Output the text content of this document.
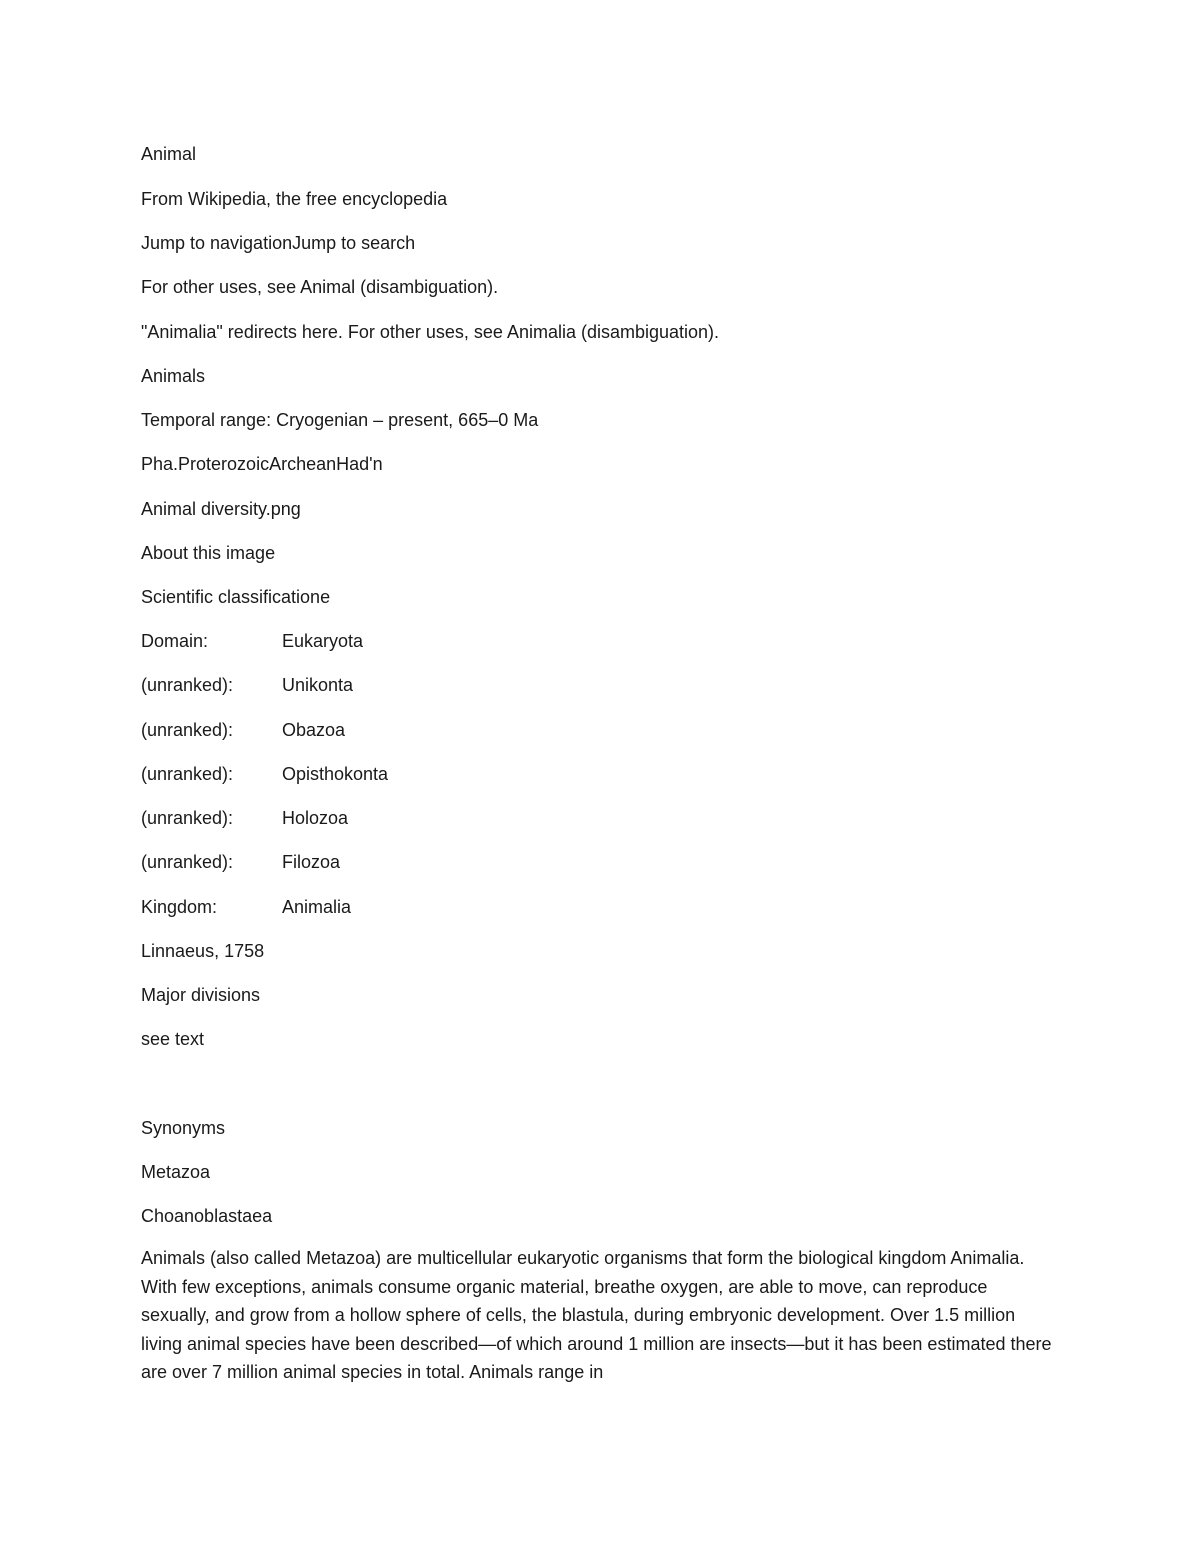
Animal
From Wikipedia, the free encyclopedia
Jump to navigationJump to search
For other uses, see Animal (disambiguation).
"Animalia" redirects here. For other uses, see Animalia (disambiguation).
Animals
Temporal range: Cryogenian – present, 665–0 Ma
Pha.ProterozoicArcheanHad'n
Animal diversity.png
About this image
Scientific classificatione
Domain:	Eukaryota
(unranked):	Unikonta
(unranked):	Obazoa
(unranked):	Opisthokonta
(unranked):	Holozoa
(unranked):	Filozoa
Kingdom:	Animalia
Linnaeus, 1758
Major divisions
see text
Synonyms
Metazoa
Choanoblastaea
Animals (also called Metazoa) are multicellular eukaryotic organisms that form the biological kingdom Animalia. With few exceptions, animals consume organic material, breathe oxygen, are able to move, can reproduce sexually, and grow from a hollow sphere of cells, the blastula, during embryonic development. Over 1.5 million living animal species have been described—of which around 1 million are insects—but it has been estimated there are over 7 million animal species in total. Animals range in
